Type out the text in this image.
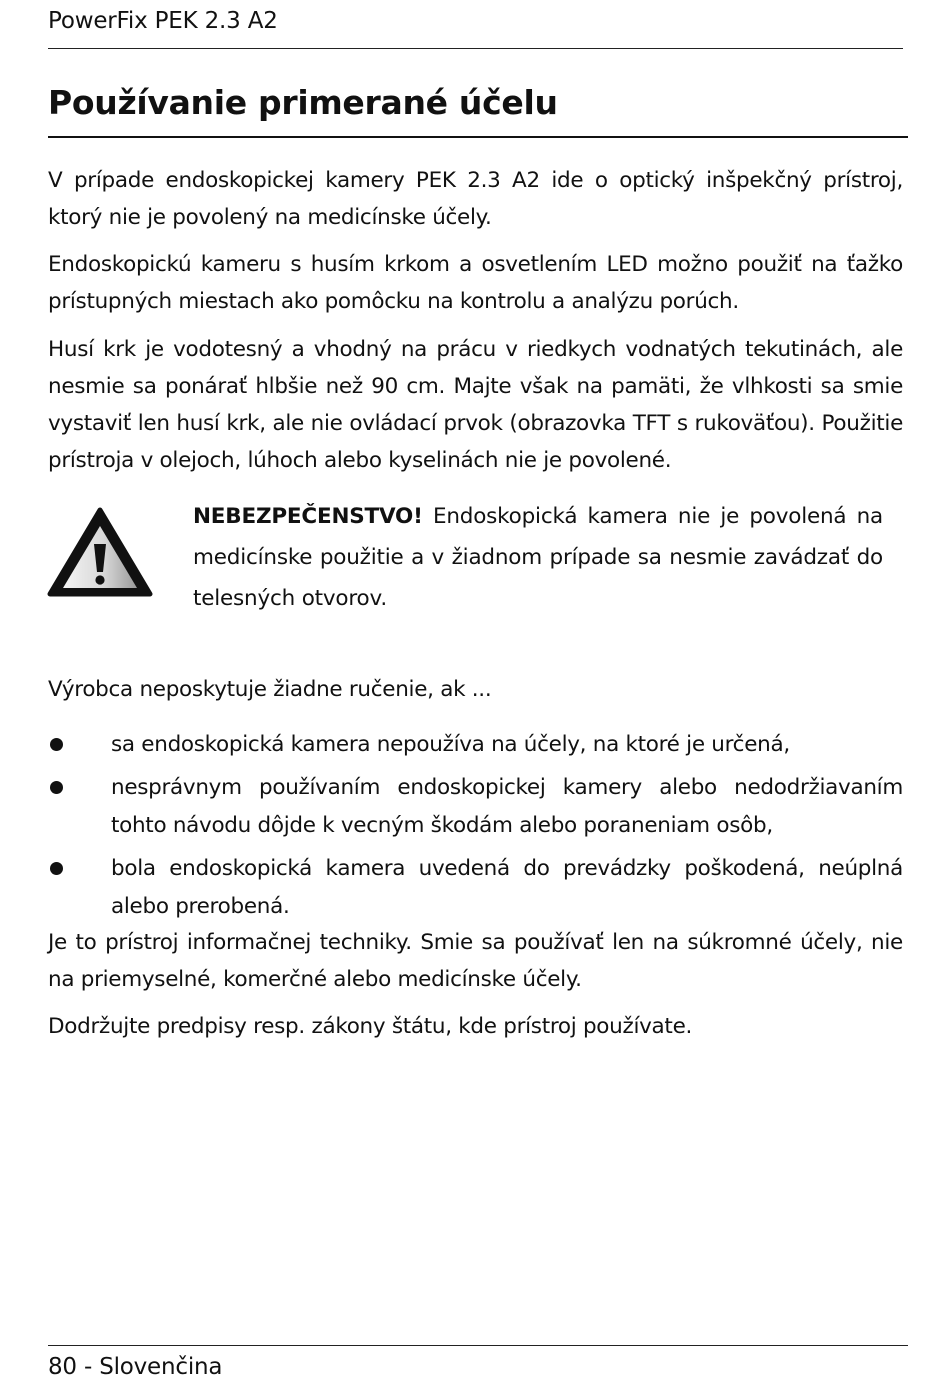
PowerFix PEK 2.3 A2
Používanie primerané účelu

V prípade endoskopickej kamery PEK 2.3 A2 ide o optický inšpekčný prístroj, ktorý nie je povolený na medicínske účely.

Endoskopickú kameru s husím krkom a osvetlením LED možno použiť na ťažko prístupných miestach ako pomôcku na kontrolu a analýzu porúch.

Husí krk je vodotesný a vhodný na prácu v riedkych vodnatých tekutinách, ale nesmie sa ponárať hlbšie než 90 cm. Majte však na pamäti, že vlhkosti sa smie vystaviť len husí krk, ale nie ovládací prvok (obrazovka TFT s rukoväťou). Použitie prístroja v olejoch, lúhoch alebo kyselinách nie je povolené.

NEBEZPEČENSTVO! Endoskopická kamera nie je povolená na medicínske použitie a v žiadnom prípade sa nesmie zavádzať do telesných otvorov.

Výrobca neposkytuje žiadne ručenie, ak ...

sa endoskopická kamera nepoužíva na účely, na ktoré je určená,
nesprávnym používaním endoskopickej kamery alebo nedodržiavaním tohto návodu dôjde k vecným škodám alebo poraneniam osôb,
bola endoskopická kamera uvedená do prevádzky poškodená, neúplná alebo prerobená.

Je to prístroj informačnej techniky. Smie sa používať len na súkromné účely, nie na priemyselné, komerčné alebo medicínske účely.

Dodržujte predpisy resp. zákony štátu, kde prístroj používate.

80 - Slovenčina
